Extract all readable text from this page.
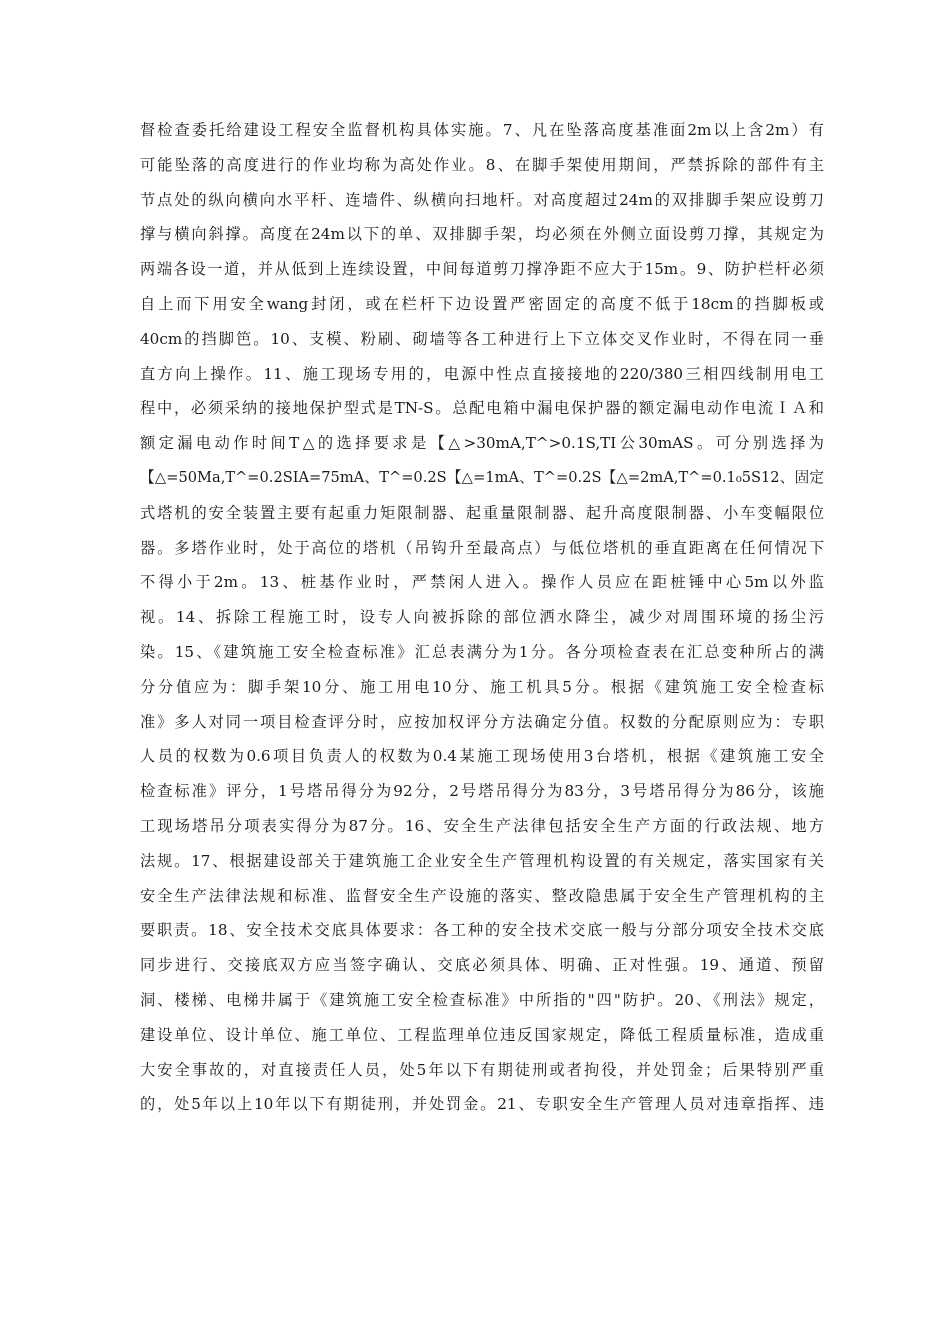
督检查委托给建设工程安全监督机构具体实施。7、凡在坠落高度基准面2m以上含2m）有
可能坠落的高度进行的作业均称为高处作业。8、在脚手架使用期间，严禁拆除的部件有主
节点处的纵向横向水平杆、连墙件、纵横向扫地杆。对高度超过24m的双排脚手架应设剪刀
撑与横向斜撑。高度在24m以下的单、双排脚手架，均必须在外侧立面设剪刀撑，其规定为
两端各设一道，并从低到上连续设置，中间每道剪刀撑净距不应大于15m。9、防护栏杆必须
自上而下用安全wang封闭，或在栏杆下边设置严密固定的高度不低于18cm的挡脚板或
40cm的挡脚笆。10、支模、粉刷、砌墙等各工种进行上下立体交叉作业时，不得在同一垂
直方向上操作。11、施工现场专用的，电源中性点直接接地的220/380三相四线制用电工
程中，必须采纳的接地保护型式是TN-S。总配电箱中漏电保护器的额定漏电动作电流ＩＡ和
额定漏电动作时间T△的选择要求是【△>30mA,T^>0.1S,TI公30mAS。可分别选择为
【△=50Ma,T^=0.2SIA=75mA、T^=0.2S【△=1mA、T^=0.2S【△=2mA,T^=0.1₀5S12、固定
式塔机的安全装置主要有起重力矩限制器、起重量限制器、起升高度限制器、小车变幅限位
器。多塔作业时，处于高位的塔机（吊钩升至最高点）与低位塔机的垂直距离在任何情况下
不得小于2m。13、桩基作业时，严禁闲人进入。操作人员应在距桩锤中心5m以外监
视。14、拆除工程施工时，设专人向被拆除的部位洒水降尘，减少对周围环境的扬尘污
染。15、《建筑施工安全检查标准》汇总表满分为1分。各分项检查表在汇总变种所占的满
分分值应为：脚手架10分、施工用电10分、施工机具5分。根据《建筑施工安全检查标
准》多人对同一项目检查评分时，应按加权评分方法确定分值。权数的分配原则应为：专职
人员的权数为0.6项目负责人的权数为0.4某施工现场使用3台塔机，根据《建筑施工安全
检查标准》评分，1号塔吊得分为92分，2号塔吊得分为83分，3号塔吊得分为86分，该施
工现场塔吊分项表实得分为87分。16、安全生产法律包括安全生产方面的行政法规、地方
法规。17、根据建设部关于建筑施工企业安全生产管理机构设置的有关规定，落实国家有关
安全生产法律法规和标准、监督安全生产设施的落实、整改隐患属于安全生产管理机构的主
要职责。18、安全技术交底具体要求：各工种的安全技术交底一般与分部分项安全技术交底
同步进行、交接底双方应当签字确认、交底必须具体、明确、正对性强。19、通道、预留
洞、楼梯、电梯井属于《建筑施工安全检查标准》中所指的"四"防护。20、《刑法》规定，
建设单位、设计单位、施工单位、工程监理单位违反国家规定，降低工程质量标准，造成重
大安全事故的，对直接责任人员，处5年以下有期徒刑或者拘役，并处罚金；后果特别严重
的，处5年以上10年以下有期徒刑，并处罚金。21、专职安全生产管理人员对违章指挥、违
